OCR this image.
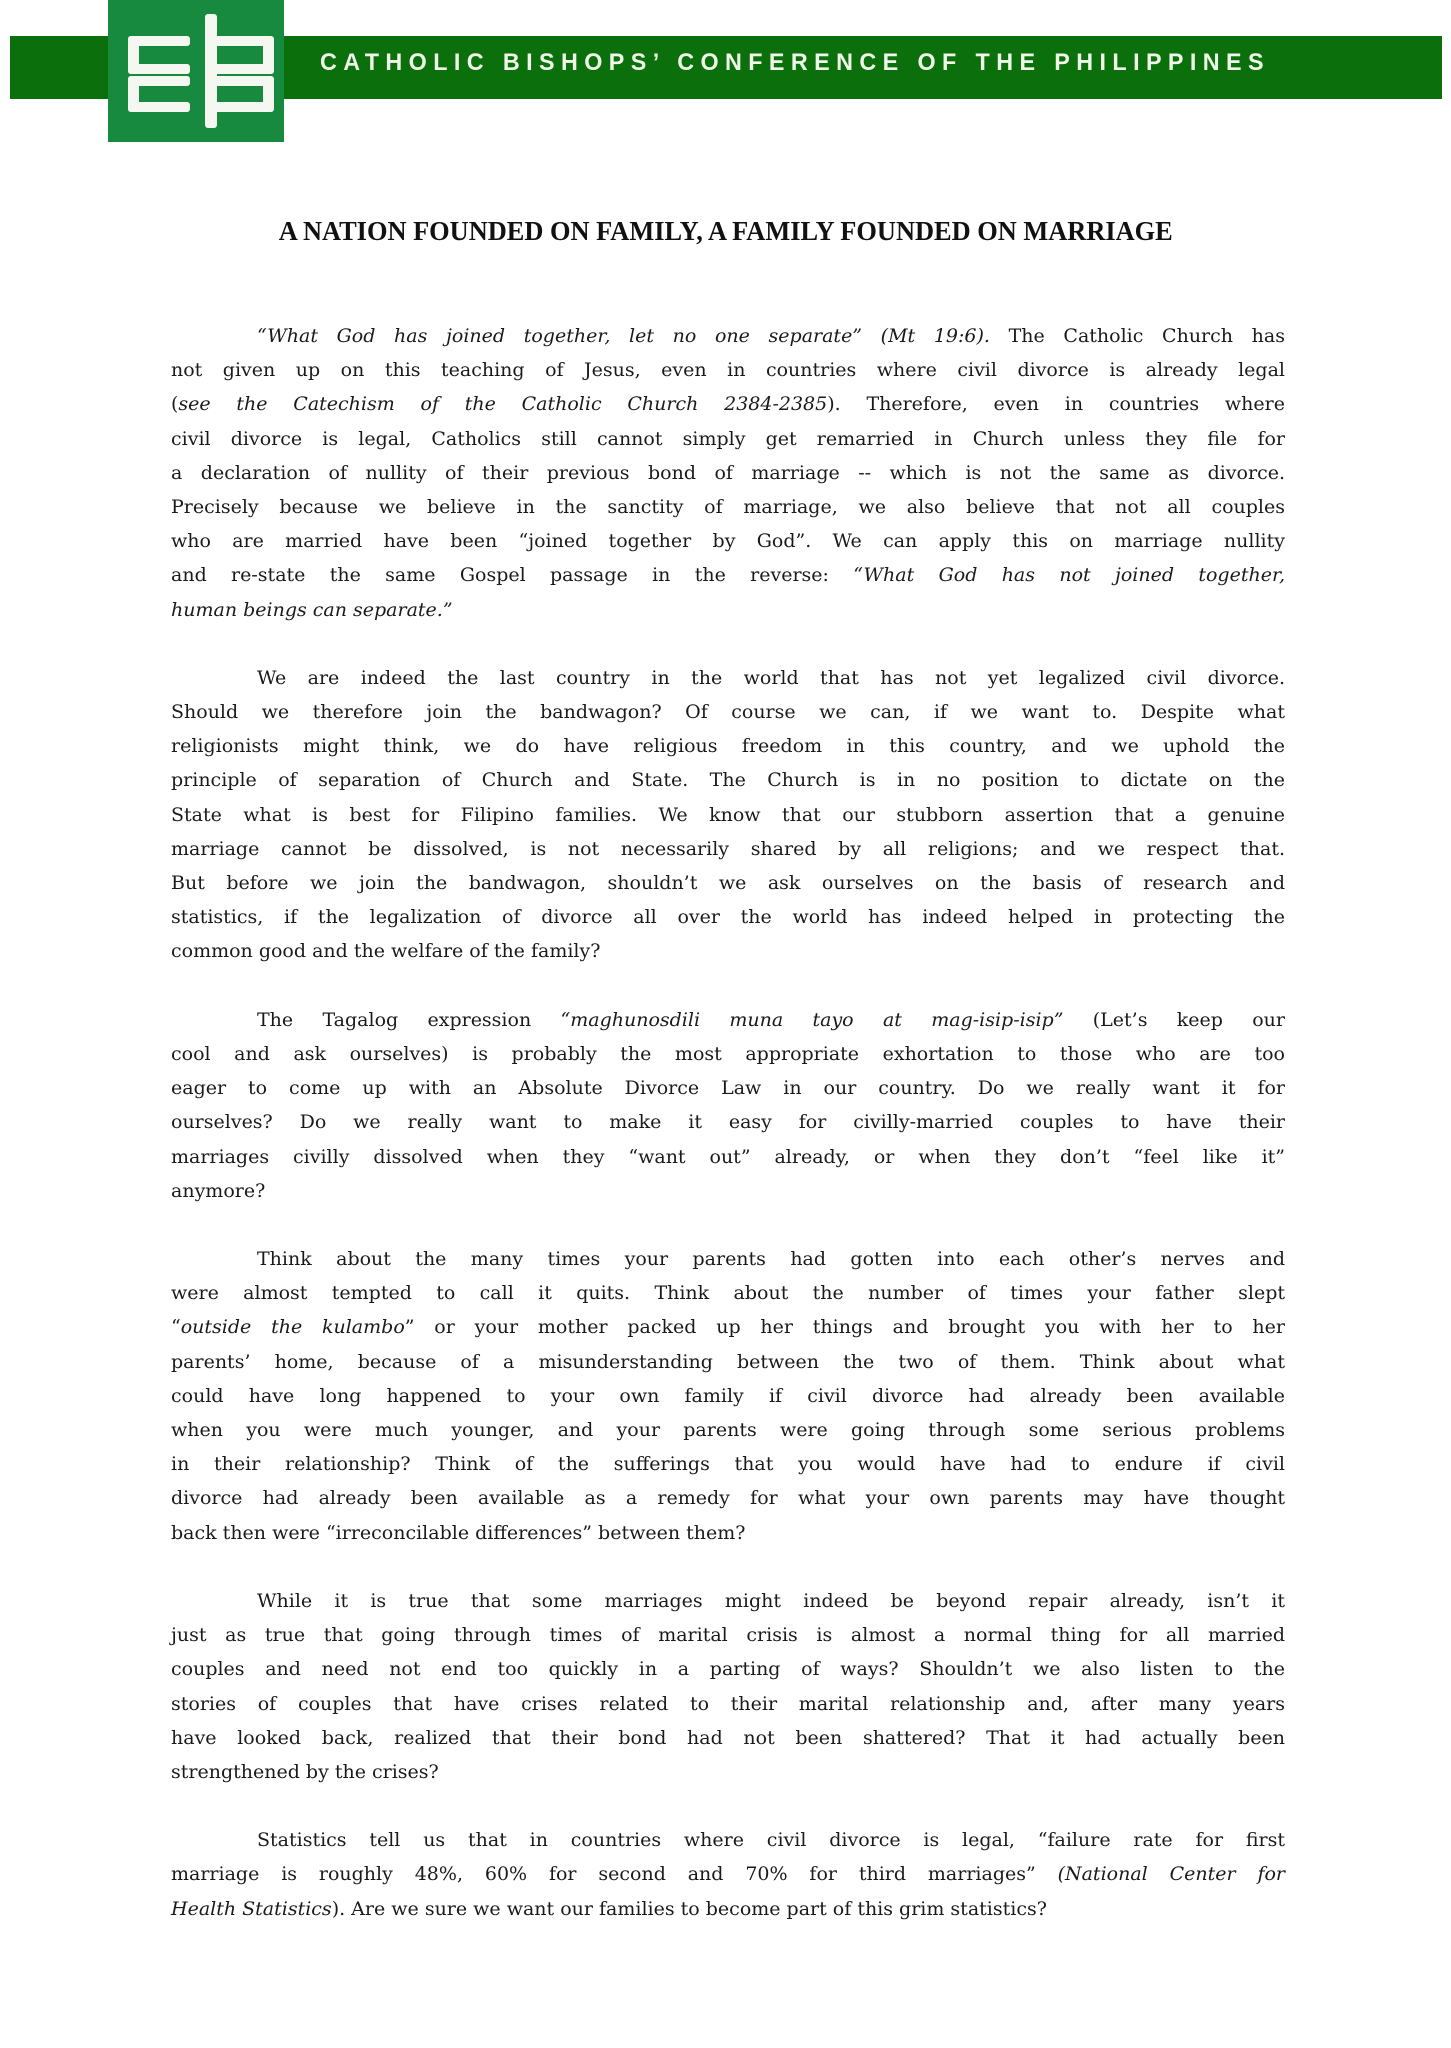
CATHOLIC BISHOPS’ CONFERENCE OF THE PHILIPPINES
A NATION FOUNDED ON FAMILY, A FAMILY FOUNDED ON MARRIAGE
“What God has joined together, let no one separate” (Mt 19:6). The Catholic Church has
not given up on this teaching of Jesus, even in countries where civil divorce is already legal
(see the Catechism of the Catholic Church 2384-2385). Therefore, even in countries where
civil divorce is legal, Catholics still cannot simply get remarried in Church unless they file for
a declaration of nullity of their previous bond of marriage -- which is not the same as divorce.
Precisely because we believe in the sanctity of marriage, we also believe that not all couples
who are married have been “joined together by God”. We can apply this on marriage nullity
and re-state the same Gospel passage in the reverse: “What God has not joined together,
human beings can separate.”
We are indeed the last country in the world that has not yet legalized civil divorce.
Should we therefore join the bandwagon? Of course we can, if we want to. Despite what
religionists might think, we do have religious freedom in this country, and we uphold the
principle of separation of Church and State. The Church is in no position to dictate on the
State what is best for Filipino families. We know that our stubborn assertion that a genuine
marriage cannot be dissolved, is not necessarily shared by all religions; and we respect that.
But before we join the bandwagon, shouldn’t we ask ourselves on the basis of research and
statistics, if the legalization of divorce all over the world has indeed helped in protecting the
common good and the welfare of the family?
The Tagalog expression “maghunosdili muna tayo at mag-isip-isip” (Let’s keep our
cool and ask ourselves) is probably the most appropriate exhortation to those who are too
eager to come up with an Absolute Divorce Law in our country. Do we really want it for
ourselves? Do we really want to make it easy for civilly-married couples to have their
marriages civilly dissolved when they “want out” already, or when they don’t “feel like it”
anymore?
Think about the many times your parents had gotten into each other’s nerves and
were almost tempted to call it quits. Think about the number of times your father slept
“outside the kulambo” or your mother packed up her things and brought you with her to her
parents’ home, because of a misunderstanding between the two of them. Think about what
could have long happened to your own family if civil divorce had already been available
when you were much younger, and your parents were going through some serious problems
in their relationship? Think of the sufferings that you would have had to endure if civil
divorce had already been available as a remedy for what your own parents may have thought
back then were “irreconcilable differences” between them?
While it is true that some marriages might indeed be beyond repair already, isn’t it
just as true that going through times of marital crisis is almost a normal thing for all married
couples and need not end too quickly in a parting of ways? Shouldn’t we also listen to the
stories of couples that have crises related to their marital relationship and, after many years
have looked back, realized that their bond had not been shattered? That it had actually been
strengthened by the crises?
Statistics tell us that in countries where civil divorce is legal, “failure rate for first
marriage is roughly 48%, 60% for second and 70% for third marriages” (National Center for
Health Statistics). Are we sure we want our families to become part of this grim statistics?
